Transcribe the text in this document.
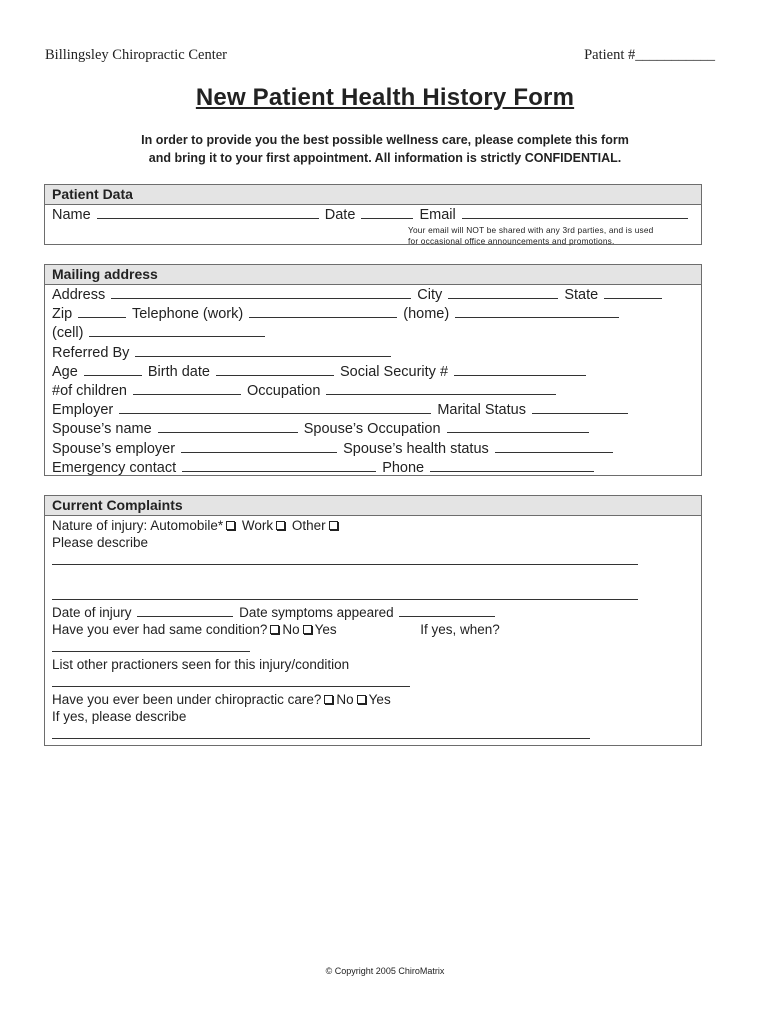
Billingsley Chiropractic Center	Patient #___________
New Patient Health History Form
In order to provide you the best possible wellness care, please complete this form
and bring it to your first appointment. All information is strictly CONFIDENTIAL.
Patient Data
Name	Date	Email
Your email will NOT be shared with any 3rd parties, and is used
for occasional office announcements and promotions.
Mailing address
Address	City	State
Zip	Telephone (work)	(home)
(cell)
Referred By
Age	Birth date	Social Security #
#of children	Occupation
Employer	Marital Status
Spouse’s name	Spouse’s Occupation
Spouse’s employer	Spouse’s health status
Emergency contact	Phone
Current Complaints
Nature of injury: Automobile* Work Other
Please describe

Date of injury	Date symptoms appeared
Have you ever had same condition? No Yes	If yes, when?
List other practioners seen for this injury/condition
Have you ever been under chiropractic care? No Yes
If yes, please describe
© Copyright 2005 ChiroMatrix
